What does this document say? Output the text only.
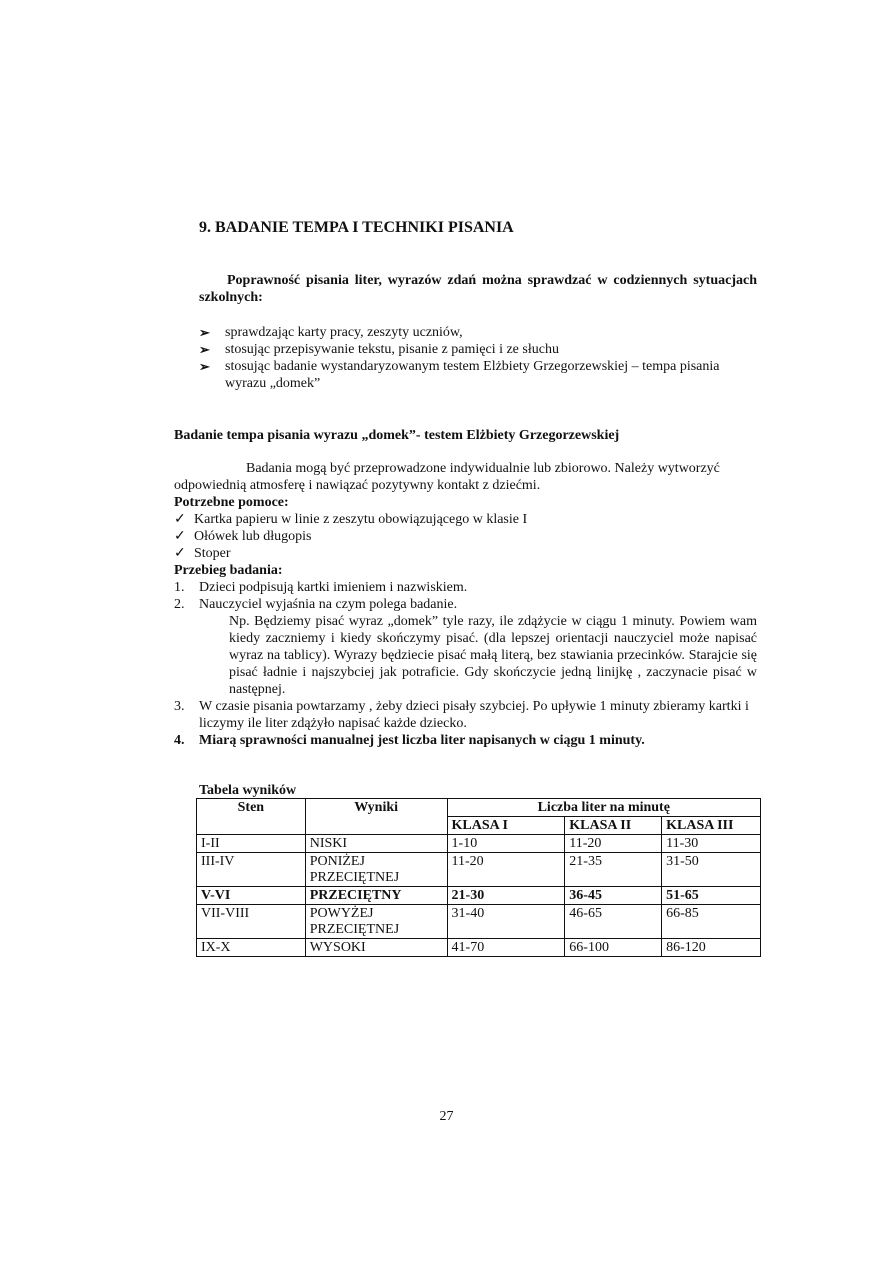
9. BADANIE TEMPA I TECHNIKI PISANIA

Poprawność pisania liter, wyrazów zdań można sprawdzać w codziennych sytuacjach szkolnych:

➢ sprawdzając karty pracy, zeszyty uczniów,
➢ stosując przepisywanie tekstu, pisanie z pamięci i ze słuchu
➢ stosując badanie wystandaryzowanym testem Elżbiety Grzegorzewskiej – tempa pisania wyrazu „domek”

Badanie tempa pisania wyrazu „domek”- testem Elżbiety Grzegorzewskiej

Badania mogą być przeprowadzone indywidualnie lub zbiorowo. Należy wytworzyć odpowiednią atmosferę i nawiązać pozytywny kontakt z dziećmi.

Potrzebne pomoce:

✓ Kartka papieru w linie z zeszytu obowiązującego w klasie I
✓ Ołówek lub długopis
✓ Stoper

Przebieg badania:

1. Dzieci podpisują kartki imieniem i nazwiskiem.
2. Nauczyciel wyjaśnia na czym polega badanie.

Np. Będziemy pisać wyraz „domek” tyle razy, ile zdążycie w ciągu 1 minuty. Powiem wam kiedy zaczniemy i kiedy skończymy pisać. (dla lepszej orientacji nauczyciel może napisać wyraz na tablicy). Wyrazy będziecie pisać małą literą, bez stawiania przecinków. Starajcie się pisać ładnie i najszybciej jak potraficie. Gdy skończycie jedną linijkę , zaczynacie pisać w następnej.

3. W czasie pisania powtarzamy , żeby dzieci pisały szybciej. Po upływie 1 minuty zbieramy kartki i liczymy ile liter zdążyło napisać każde dziecko.
4. Miarą sprawności manualnej jest liczba liter napisanych w ciągu 1 minuty.

Tabela wyników

Sten	Wyniki	Liczba liter na minutę		
		KLASA I	KLASA II	KLASA III
I-II	NISKI	1-10	11-20	11-30
III-IV	PONIŻEJ PRZECIĘTNEJ	11-20	21-35	31-50
V-VI	PRZECIĘTNY	21-30	36-45	51-65
VII-VIII	POWYŻEJ PRZECIĘTNEJ	31-40	46-65	66-85
IX-X	WYSOKI	41-70	66-100	86-120
27
